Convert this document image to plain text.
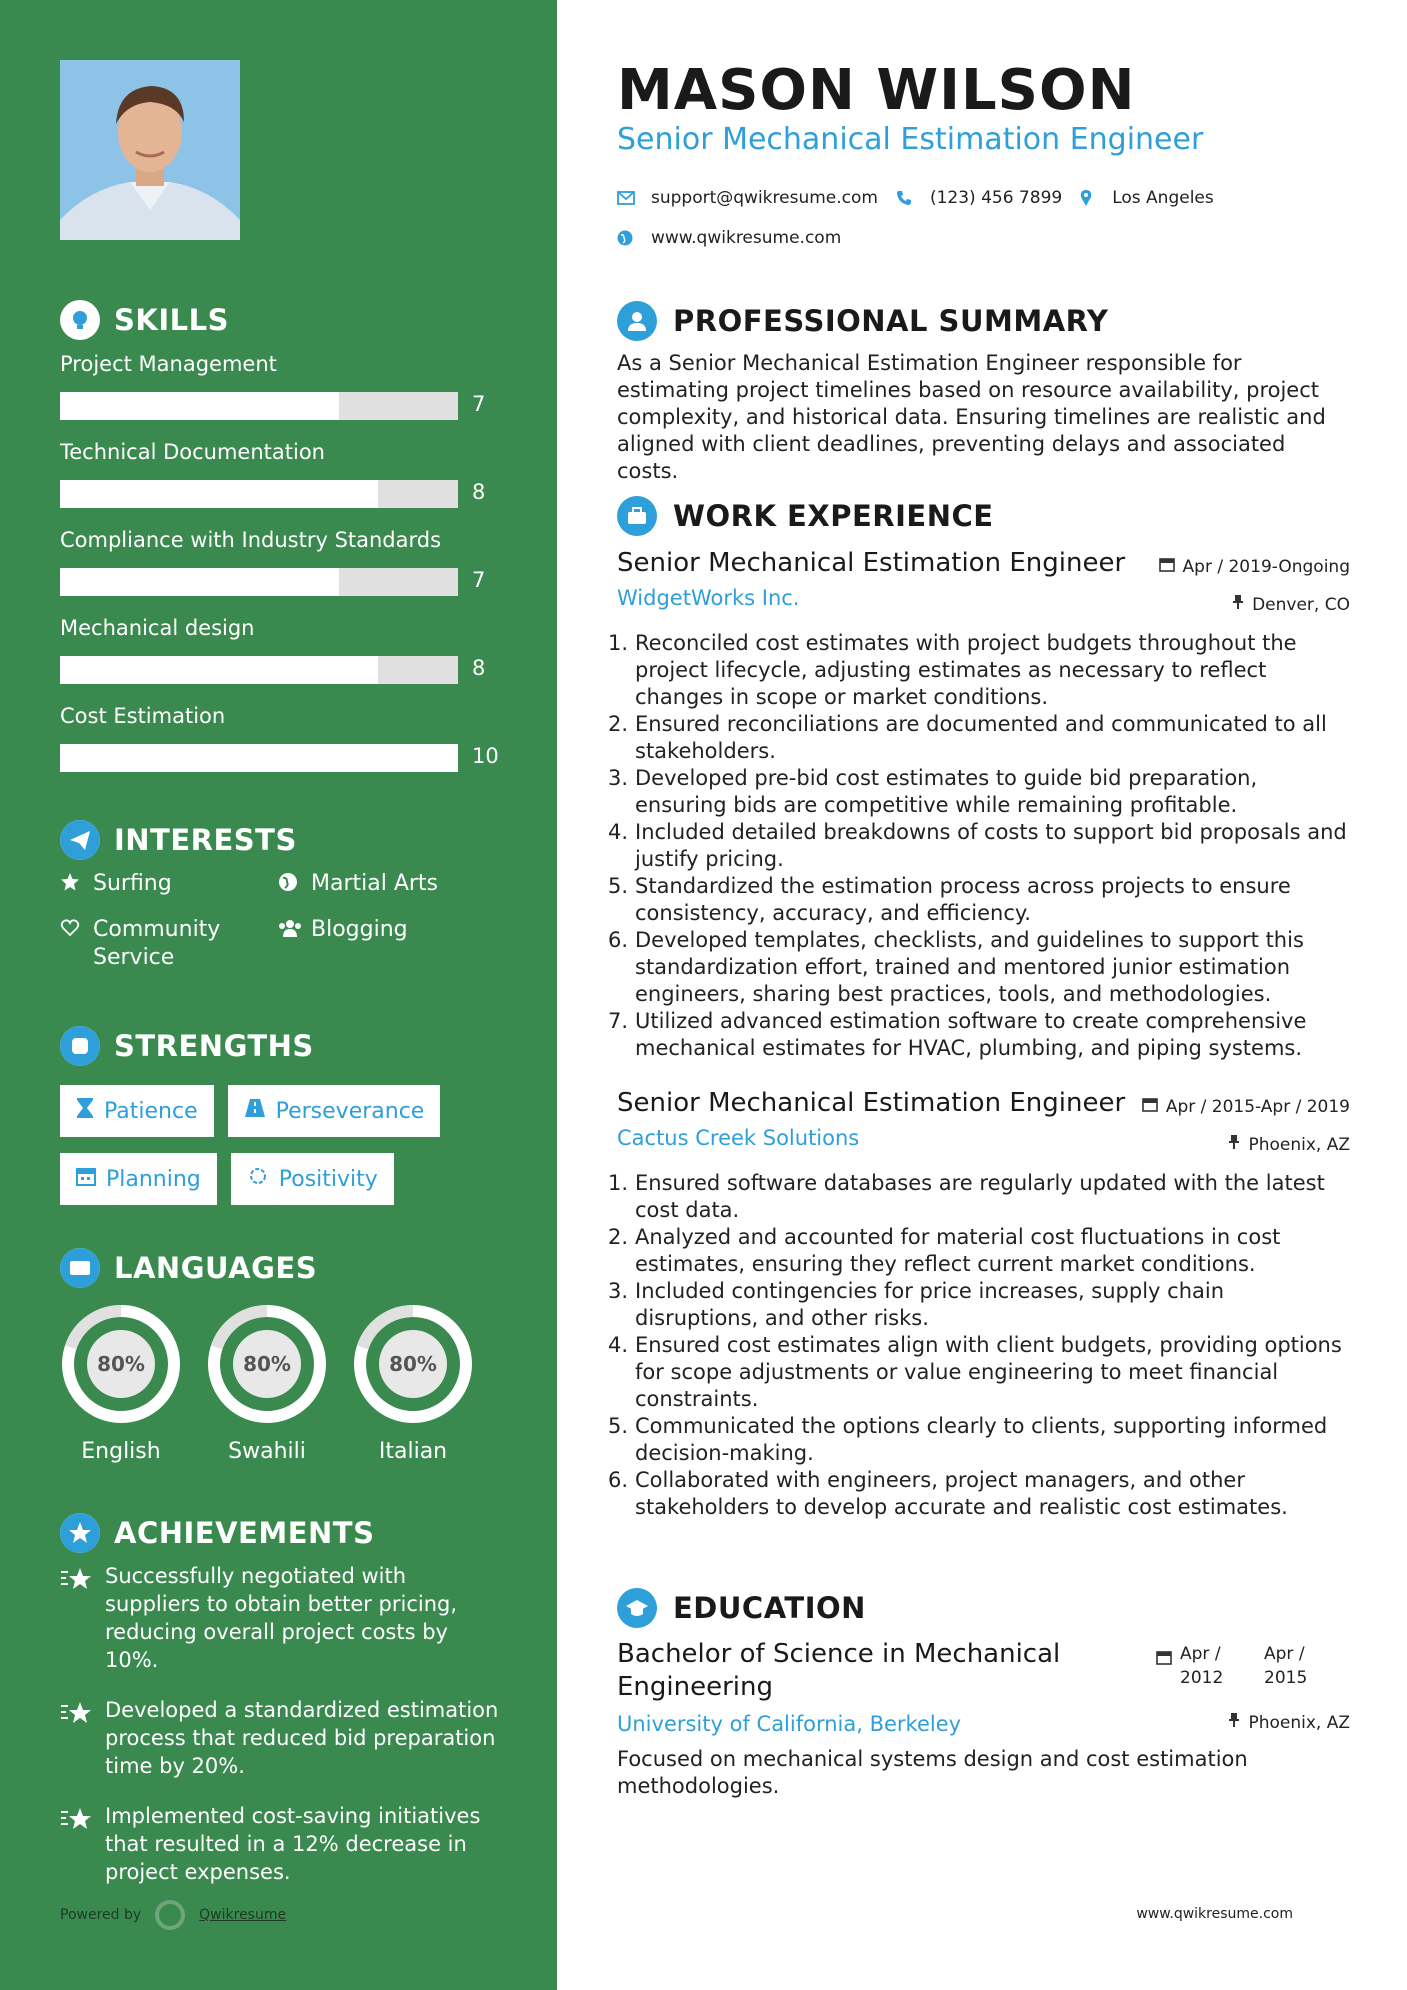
SKILLS
Project Management
7
Technical Documentation
8
Compliance with Industry Standards
7
Mechanical design
8
Cost Estimation
10
INTERESTS
Surfing	Martial Arts
Community Service
Blogging
STRENGTHS
Patience	Perseverance
Planning	Positivity
LANGUAGES
80%
English
80%
Swahili
80%
Italian
ACHIEVEMENTS
Successfully negotiated with suppliers to obtain better pricing, reducing overall project costs by 10%.
Developed a standardized estimation process that reduced bid preparation time by 20%.
Implemented cost-saving initiatives that resulted in a 12% decrease in project expenses.
Powered by	Qwikresume
MASON WILSON
Senior Mechanical Estimation Engineer
support@qwikresume.com	(123) 456 7899	Los Angeles
www.qwikresume.com
PROFESSIONAL SUMMARY
As a Senior Mechanical Estimation Engineer responsible for estimating project timelines based on resource availability, project complexity, and historical data. Ensuring timelines are realistic and aligned with client deadlines, preventing delays and associated costs.
WORK EXPERIENCE
Senior Mechanical Estimation Engineer	Apr / 2019-Ongoing
WidgetWorks Inc.	Denver, CO
Reconciled cost estimates with project budgets throughout the project lifecycle, adjusting estimates as necessary to reflect changes in scope or market conditions.
Ensured reconciliations are documented and communicated to all stakeholders.
Developed pre-bid cost estimates to guide bid preparation, ensuring bids are competitive while remaining profitable.
Included detailed breakdowns of costs to support bid proposals and justify pricing.
Standardized the estimation process across projects to ensure consistency, accuracy, and efficiency.
Developed templates, checklists, and guidelines to support this standardization effort, trained and mentored junior estimation engineers, sharing best practices, tools, and methodologies.
Utilized advanced estimation software to create comprehensive mechanical estimates for HVAC, plumbing, and piping systems.
Senior Mechanical Estimation Engineer	Apr / 2015-Apr / 2019
Cactus Creek Solutions	Phoenix, AZ
Ensured software databases are regularly updated with the latest cost data.
Analyzed and accounted for material cost fluctuations in cost estimates, ensuring they reflect current market conditions.
Included contingencies for price increases, supply chain disruptions, and other risks.
Ensured cost estimates align with client budgets, providing options for scope adjustments or value engineering to meet financial constraints.
Communicated the options clearly to clients, supporting informed decision-making.
Collaborated with engineers, project managers, and other stakeholders to develop accurate and realistic cost estimates.
EDUCATION
Bachelor of Science in Mechanical Engineering
Apr / 2012
Apr / 2015
University of California, Berkeley	Phoenix, AZ
Focused on mechanical systems design and cost estimation methodologies.
www.qwikresume.com
